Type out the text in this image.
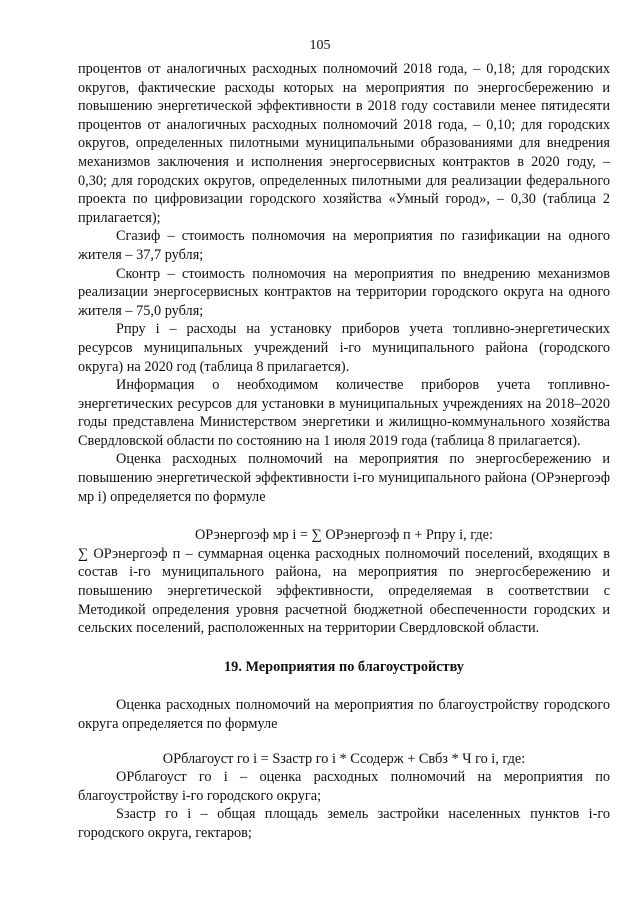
105

процентов от аналогичных расходных полномочий 2018 года, – 0,18; для городских округов, фактические расходы которых на мероприятия по энергосбережению и повышению энергетической эффективности в 2018 году составили менее пятидесяти процентов от аналогичных расходных полномочий 2018 года, – 0,10; для городских округов, определенных пилотными муниципальными образованиями для внедрения механизмов заключения и исполнения энергосервисных контрактов в 2020 году, – 0,30; для городских округов, определенных пилотными для реализации федерального проекта по цифровизации городского хозяйства «Умный город», – 0,30 (таблица 2 прилагается);

Сгазиф – стоимость полномочия на мероприятия по газификации на одного жителя – 37,7 рубля;

Сконтр – стоимость полномочия на мероприятия по внедрению механизмов реализации энергосервисных контрактов на территории городского округа на одного жителя – 75,0 рубля;

Рпру i – расходы на установку приборов учета топливно-энергетических ресурсов муниципальных учреждений i-го муниципального района (городского округа) на 2020 год (таблица 8 прилагается).

Информация о необходимом количестве приборов учета топливно-энергетических ресурсов для установки в муниципальных учреждениях на 2018–2020 годы представлена Министерством энергетики и жилищно-коммунального хозяйства Свердловской области по состоянию на 1 июля 2019 года (таблица 8 прилагается).

Оценка расходных полномочий на мероприятия по энергосбережению и повышению энергетической эффективности i-го муниципального района (ОРэнергоэф мр i) определяется по формуле

ОРэнергоэф мр i = ∑ ОРэнергоэф п + Рпру i, где:

∑ ОРэнергоэф п – суммарная оценка расходных полномочий поселений, входящих в состав i-го муниципального района, на мероприятия по энергосбережению и повышению энергетической эффективности, определяемая в соответствии с Методикой определения уровня расчетной бюджетной обеспеченности городских и сельских поселений, расположенных на территории Свердловской области.

19. Мероприятия по благоустройству

Оценка расходных полномочий на мероприятия по благоустройству городского округа определяется по формуле

ОРблагоуст го i = Sзастр го i * Ссодерж + Свбз * Ч го i, где:

ОРблагоуст го i – оценка расходных полномочий на мероприятия по благоустройству i-го городского округа;

Sзастр го i – общая площадь земель застройки населенных пунктов i-го городского округа, гектаров;
